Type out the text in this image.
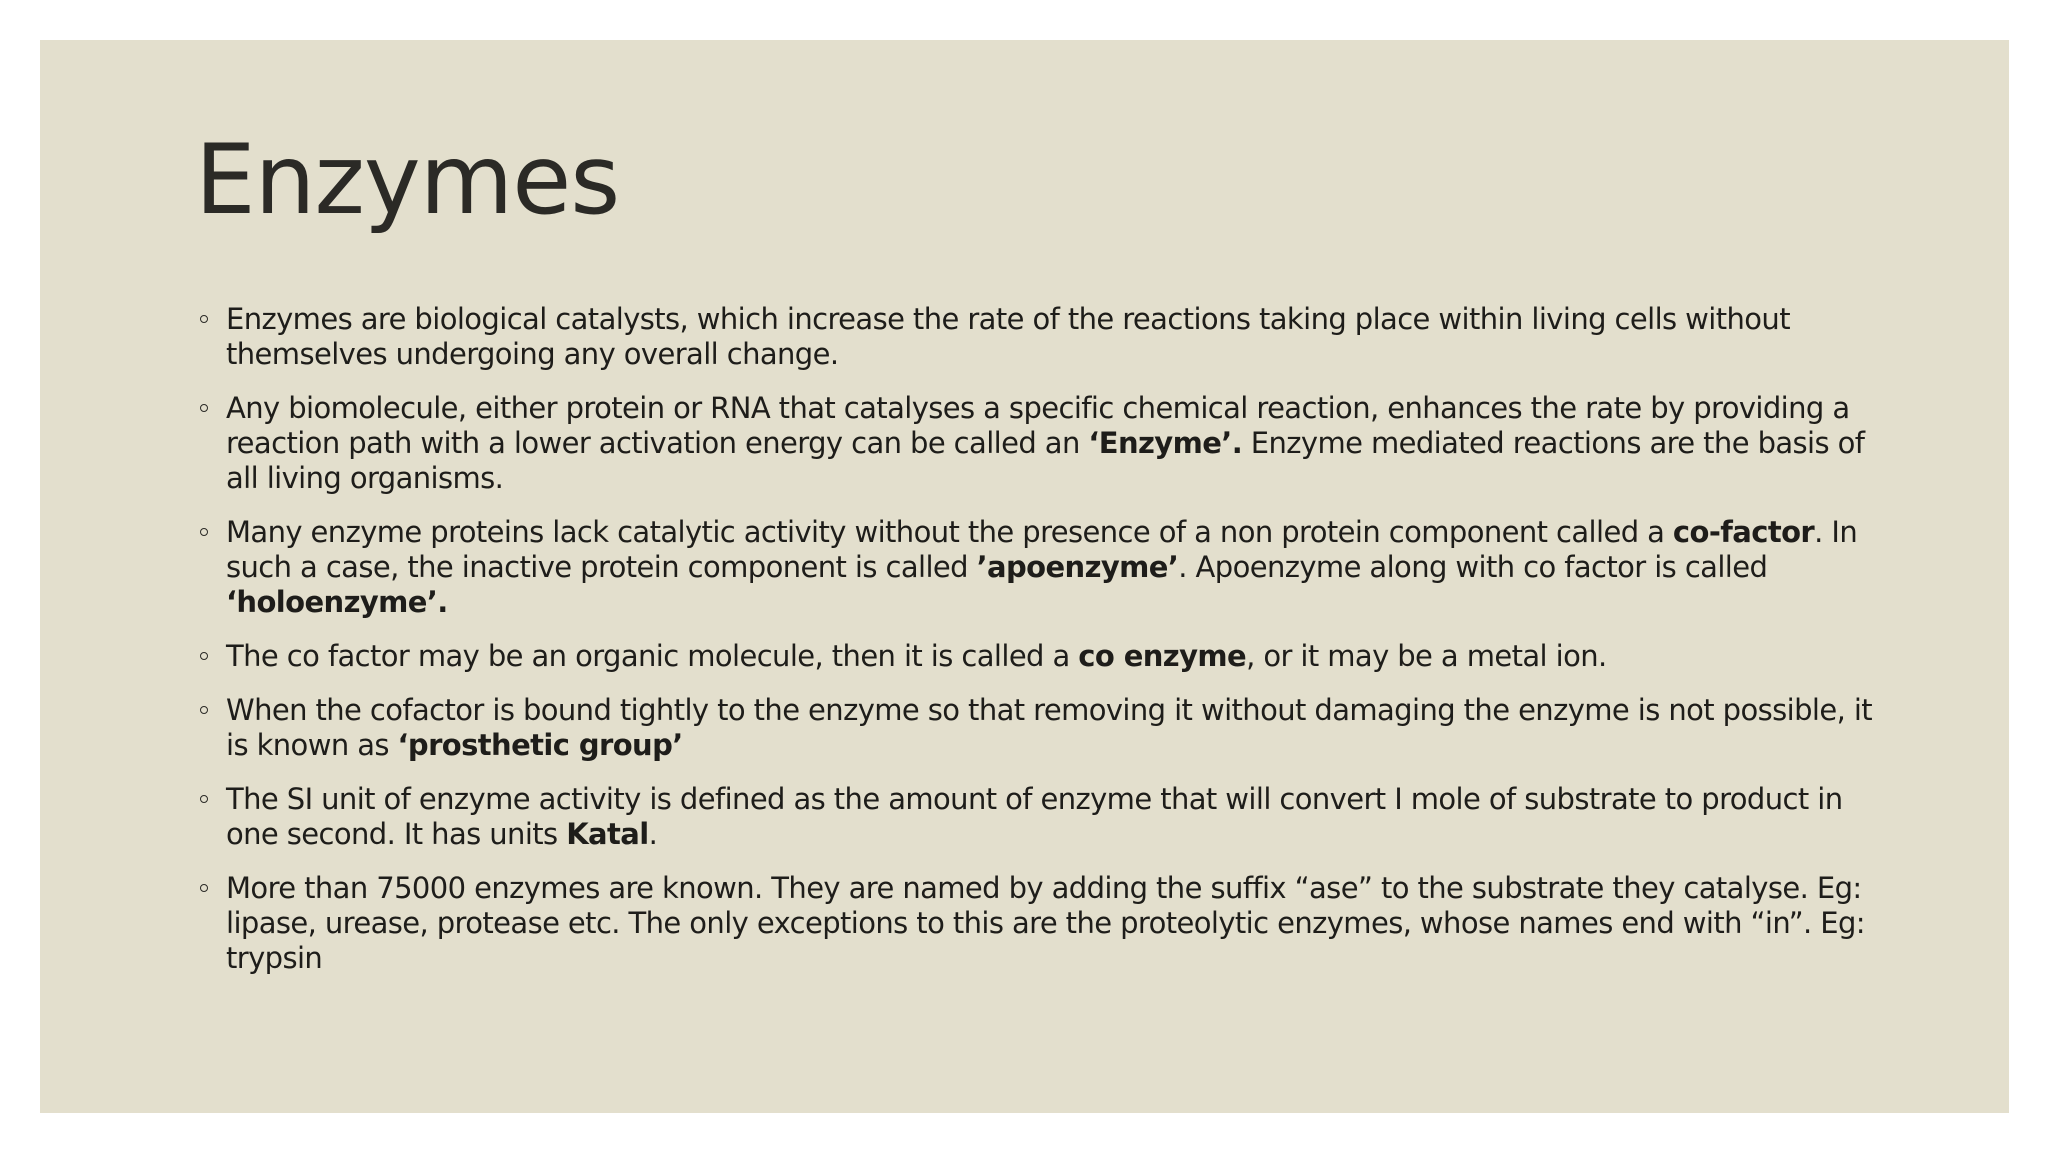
Enzymes
Enzymes are biological catalysts, which increase the rate of the reactions taking place within living cells without themselves undergoing any overall change.
Any biomolecule, either protein or RNA that catalyses a specific chemical reaction, enhances the rate by providing a reaction path with a lower activation energy can be called an ‘Enzyme’. Enzyme mediated reactions are the basis of all living organisms.
Many enzyme proteins lack catalytic activity without the presence of a non protein component called a co-factor. In such a case, the inactive protein component is called ’apoenzyme’. Apoenzyme along with co factor is called ‘holoenzyme’.
The co factor may be an organic molecule, then it is called a co enzyme, or it may be a metal ion.
When the cofactor is bound tightly to the enzyme so that removing it without damaging the enzyme is not possible, it is known as ‘prosthetic group’
The SI unit of enzyme activity is defined as the amount of enzyme that will convert I mole of substrate to product in one second. It has units Katal.
More than 75000 enzymes are known. They are named by adding the suffix “ase” to the substrate they catalyse. Eg: lipase, urease, protease etc. The only exceptions to this are the proteolytic enzymes, whose names end with “in”. Eg: trypsin
